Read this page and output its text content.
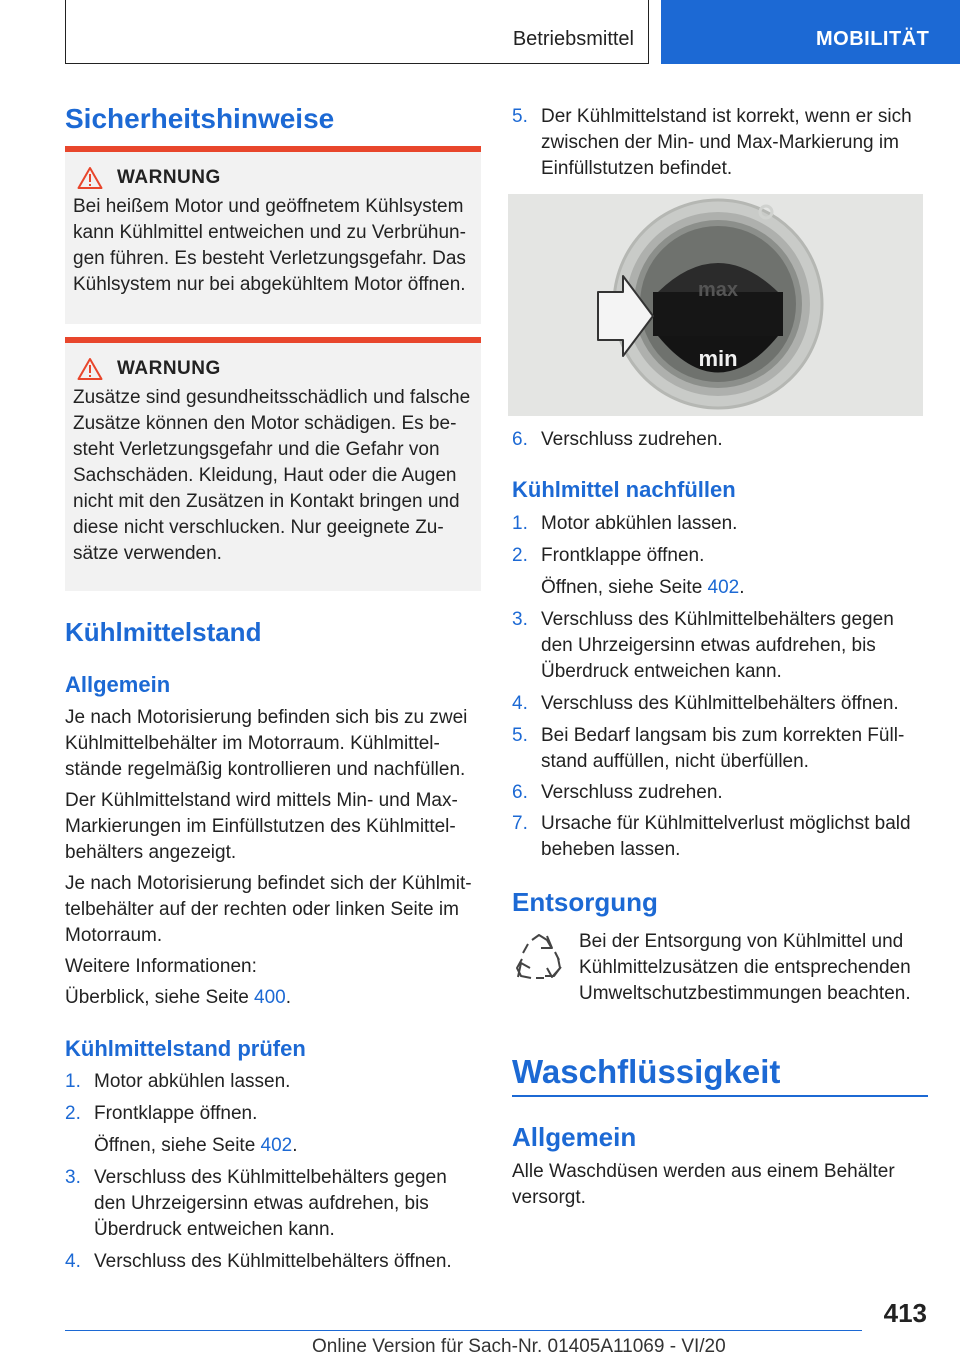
Betriebsmittel	MOBILITÄT
Sicherheitshinweise
WARNUNG
Bei heißem Motor und geöffnetem Kühlsystem kann Kühlmittel entweichen und zu Verbrühungen führen. Es besteht Verletzungsgefahr. Das Kühlsystem nur bei abgekühltem Motor öffnen.
WARNUNG
Zusätze sind gesundheitsschädlich und falsche Zusätze können den Motor schädigen. Es besteht Verletzungsgefahr und die Gefahr von Sachschäden. Kleidung, Haut oder die Augen nicht mit den Zusätzen in Kontakt bringen und diese nicht verschlucken. Nur geeignete Zusätze verwenden.
Kühlmittelstand
Allgemein
Je nach Motorisierung befinden sich bis zu zwei Kühlmittelbehälter im Motorraum. Kühlmittelstände regelmäßig kontrollieren und nachfüllen.
Der Kühlmittelstand wird mittels Min- und Max-Markierungen im Einfüllstutzen des Kühlmittelbehälters angezeigt.
Je nach Motorisierung befindet sich der Kühlmittelbehälter auf der rechten oder linken Seite im Motorraum.
Weitere Informationen:
Überblick, siehe Seite 400.
Kühlmittelstand prüfen
1. Motor abkühlen lassen.
2. Frontklappe öffnen.
Öffnen, siehe Seite 402.
3. Verschluss des Kühlmittelbehälters gegen den Uhrzeigersinn etwas aufdrehen, bis Überdruck entweichen kann.
4. Verschluss des Kühlmittelbehälters öffnen.
5. Der Kühlmittelstand ist korrekt, wenn er sich zwischen der Min- und Max-Markierung im Einfüllstutzen befindet.
max
min
6. Verschluss zudrehen.
Kühlmittel nachfüllen
1. Motor abkühlen lassen.
2. Frontklappe öffnen.
Öffnen, siehe Seite 402.
3. Verschluss des Kühlmittelbehälters gegen den Uhrzeigersinn etwas aufdrehen, bis Überdruck entweichen kann.
4. Verschluss des Kühlmittelbehälters öffnen.
5. Bei Bedarf langsam bis zum korrekten Füllstand auffüllen, nicht überfüllen.
6. Verschluss zudrehen.
7. Ursache für Kühlmittelverlust möglichst bald beheben lassen.
Entsorgung
Bei der Entsorgung von Kühlmittel und Kühlmittelzusätzen die entsprechenden Umweltschutzbestimmungen beachten.
Waschflüssigkeit
Allgemein
Alle Waschdüsen werden aus einem Behälter versorgt.
413
Online Version für Sach-Nr. 01405A11069 - VI/20
